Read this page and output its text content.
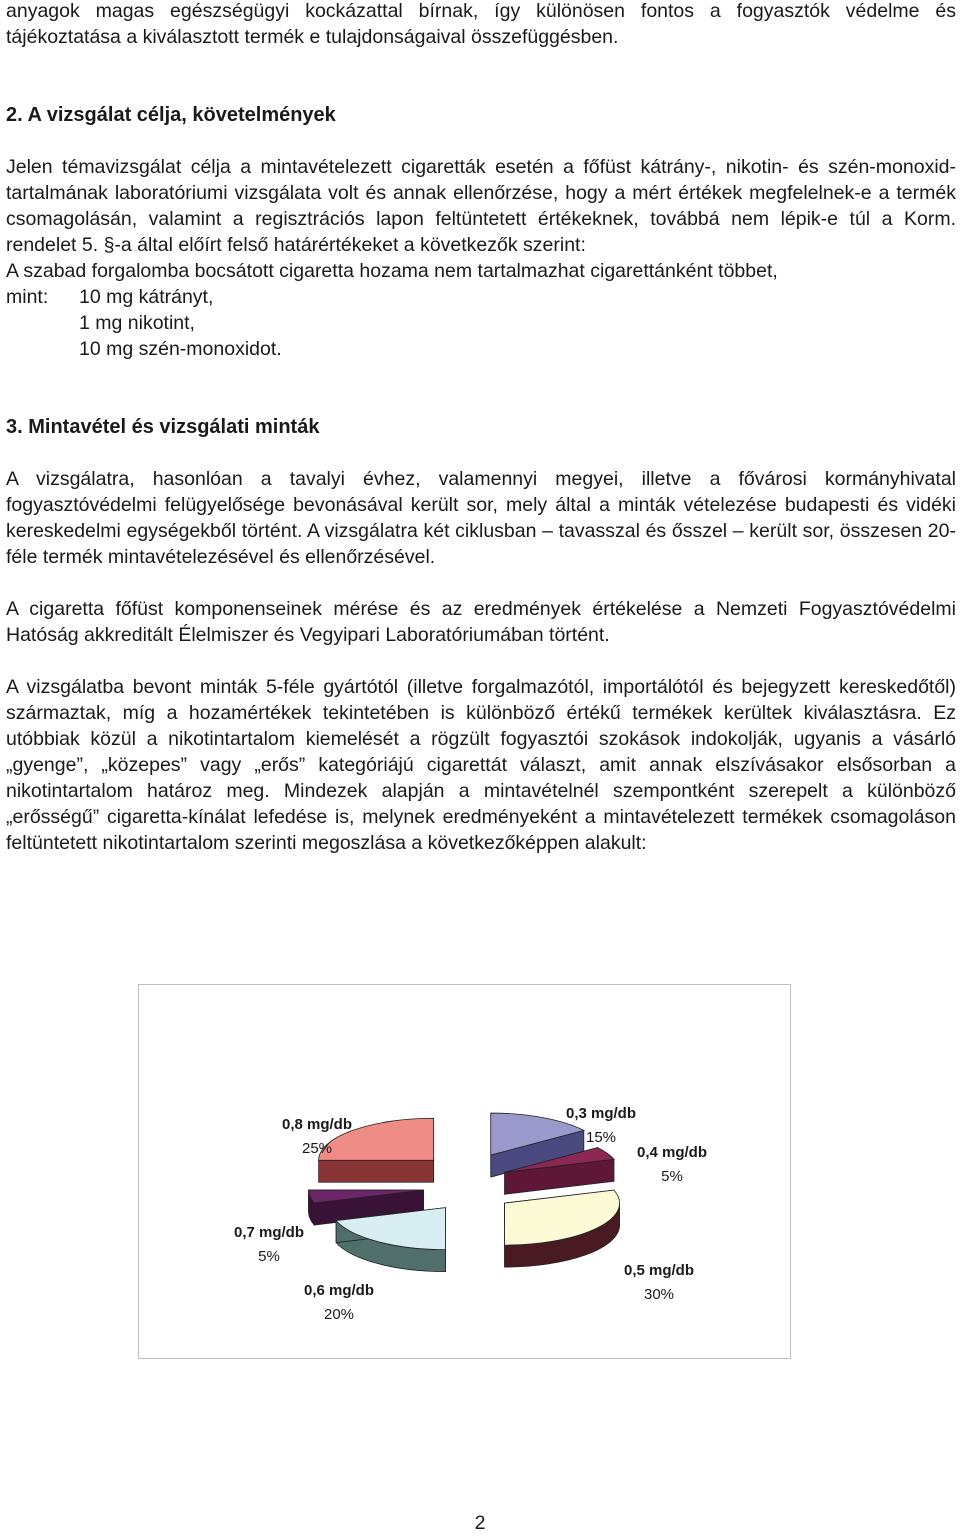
anyagok magas egészségügyi kockázattal bírnak, így különösen fontos a fogyasztók védelme és tájékoztatása a kiválasztott termék e tulajdonságaival összefüggésben.

2. A vizsgálat célja, követelmények

Jelen témavizsgálat célja a mintavételezett cigaretták esetén a főfüst kátrány-, nikotin- és szén-monoxid-tartalmának laboratóriumi vizsgálata volt és annak ellenőrzése, hogy a mért értékek megfelelnek-e a termék csomagolásán, valamint a regisztrációs lapon feltüntetett értékeknek, továbbá nem lépik-e túl a Korm. rendelet 5. §-a által előírt felső határértékeket a következők szerint:

A szabad forgalomba bocsátott cigaretta hozama nem tartalmazhat cigarettánként többet,

mint:	10 mg kátrányt,
	1 mg nikotint,
	10 mg szén-monoxidot.

3. Mintavétel és vizsgálati minták

A vizsgálatra, hasonlóan a tavalyi évhez, valamennyi megyei, illetve a fővárosi kormányhivatal fogyasztóvédelmi felügyelősége bevonásával került sor, mely által a minták vételezése budapesti és vidéki kereskedelmi egységekből történt. A vizsgálatra két ciklusban – tavasszal és ősszel – került sor, összesen 20-féle termék mintavételezésével és ellenőrzésével.

A cigaretta főfüst komponenseinek mérése és az eredmények értékelése a Nemzeti Fogyasztóvédelmi Hatóság akkreditált Élelmiszer és Vegyipari Laboratóriumában történt.

A vizsgálatba bevont minták 5-féle gyártótól (illetve forgalmazótól, importálótól és bejegyzett kereskedőtől) származtak, míg a hozamértékek tekintetében is különböző értékű termékek kerültek kiválasztásra. Ez utóbbiak közül a nikotintartalom kiemelését a rögzült fogyasztói szokások indokolják, ugyanis a vásárló „gyenge”, „közepes” vagy „erős” kategóriájú cigarettát választ, amit annak elszívásakor elsősorban a nikotintartalom határoz meg. Mindezek alapján a mintavételnél szempontként szerepelt a különböző „erősségű” cigaretta-kínálat lefedése is, melynek eredményeként a mintavételezett termékek csomagoláson feltüntetett nikotintartalom szerinti megoszlása a következőképpen alakult:

0,3 mg/db
15%
0,4 mg/db
5%
0,5 mg/db
30%
0,6 mg/db
20%
0,7 mg/db
5%
0,8 mg/db
25%
2
